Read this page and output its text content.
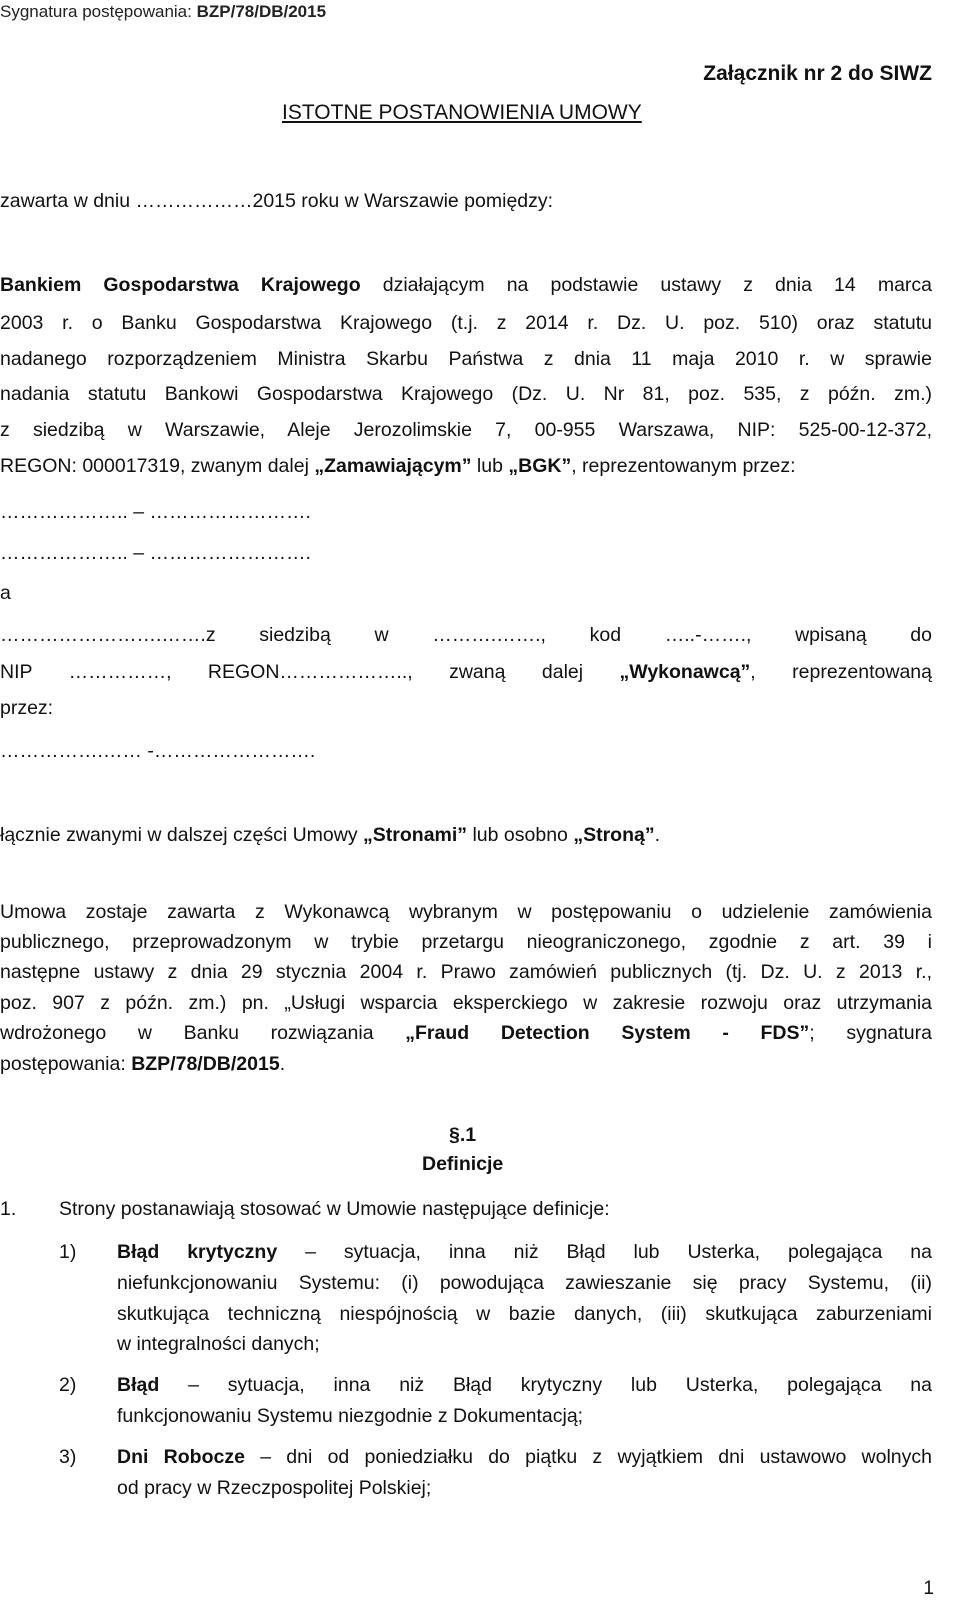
Sygnatura postępowania: BZP/78/DB/2015
Załącznik nr 2 do SIWZ
ISTOTNE POSTANOWIENIA UMOWY
zawarta w dniu ………………2015 roku w Warszawie pomiędzy:
Bankiem Gospodarstwa Krajowego działającym na podstawie ustawy z dnia 14 marca
2003 r. o Banku Gospodarstwa Krajowego (t.j. z 2014 r. Dz. U. poz. 510) oraz statutu
nadanego rozporządzeniem Ministra Skarbu Państwa z dnia 11 maja 2010 r. w sprawie
nadania statutu Bankowi Gospodarstwa Krajowego (Dz. U. Nr 81, poz. 535, z późn. zm.)
z siedzibą w Warszawie, Aleje Jerozolimskie 7, 00-955 Warszawa, NIP: 525-00-12-372,
REGON: 000017319, zwanym dalej „Zamawiającym” lub „BGK”, reprezentowanym przez:
……………….. – …………………….
……………….. – …………………….
a
…………………….…….z siedzibą w ……….……., kod …..-……., wpisaną do
NIP ……………, REGON……………….., zwaną dalej „Wykonawcą”, reprezentowaną
przez:
…………….…… -…………………….
łącznie zwanymi w dalszej części Umowy „Stronami” lub osobno „Stroną”.
Umowa zostaje zawarta z Wykonawcą wybranym w postępowaniu o udzielenie zamówienia
publicznego, przeprowadzonym w trybie przetargu nieograniczonego, zgodnie z art. 39 i
następne ustawy z dnia 29 stycznia 2004 r. Prawo zamówień publicznych (tj. Dz. U. z 2013 r.,
poz. 907 z późn. zm.) pn. „Usługi wsparcia eksperckiego w zakresie rozwoju oraz utrzymania
wdrożonego w Banku rozwiązania „Fraud Detection System - FDS”; sygnatura
postępowania: BZP/78/DB/2015.
§.1
Definicje
1. Strony postanawiają stosować w Umowie następujące definicje:
1) Błąd krytyczny – sytuacja, inna niż Błąd lub Usterka, polegająca na
niefunkcjonowaniu Systemu: (i) powodująca zawieszanie się pracy Systemu, (ii)
skutkująca techniczną niespójnością w bazie danych, (iii) skutkująca zaburzeniami
w integralności danych;
2) Błąd – sytuacja, inna niż Błąd krytyczny lub Usterka, polegająca na
funkcjonowaniu Systemu niezgodnie z Dokumentacją;
3) Dni Robocze – dni od poniedziałku do piątku z wyjątkiem dni ustawowo wolnych
od pracy w Rzeczpospolitej Polskiej;
1
